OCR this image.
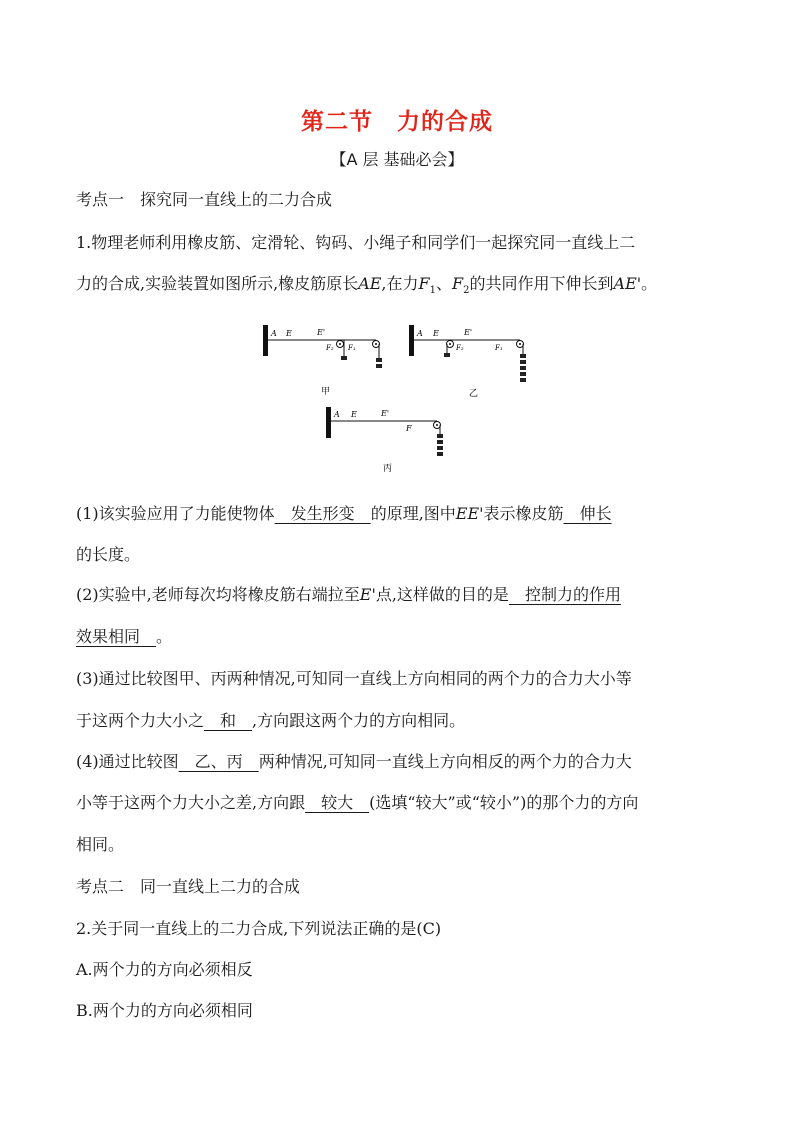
第二节 力的合成
【A 层 基础必会】
考点一 探究同一直线上的二力合成
1.物理老师利用橡皮筋、定滑轮、钩码、小绳子和同学们一起探究同一直线上二
力的合成,实验装置如图所示,橡皮筋原长AE,在力$F_1$、$F_2$的共同作用下伸长到AE'。
A E	E'
F₂ F₁
甲
A E	E'
F₂	F₁
乙
A E	E'
F
丙
(1)该实验应用了力能使物体　发生形变　的原理,图中EE'表示橡皮筋　伸长
的长度。
(2)实验中,老师每次均将橡皮筋右端拉至E'点,这样做的目的是　控制力的作用
效果相同　。
(3)通过比较图甲、丙两种情况,可知同一直线上方向相同的两个力的合力大小等
于这两个力大小之　和　,方向跟这两个力的方向相同。
(4)通过比较图　乙、丙　两种情况,可知同一直线上方向相反的两个力的合力大
小等于这两个力大小之差,方向跟　较大　(选填“较大”或“较小”)的那个力的方向
相同。
考点二 同一直线上二力的合成
2.关于同一直线上的二力合成,下列说法正确的是(C)
A.两个力的方向必须相反
B.两个力的方向必须相同
